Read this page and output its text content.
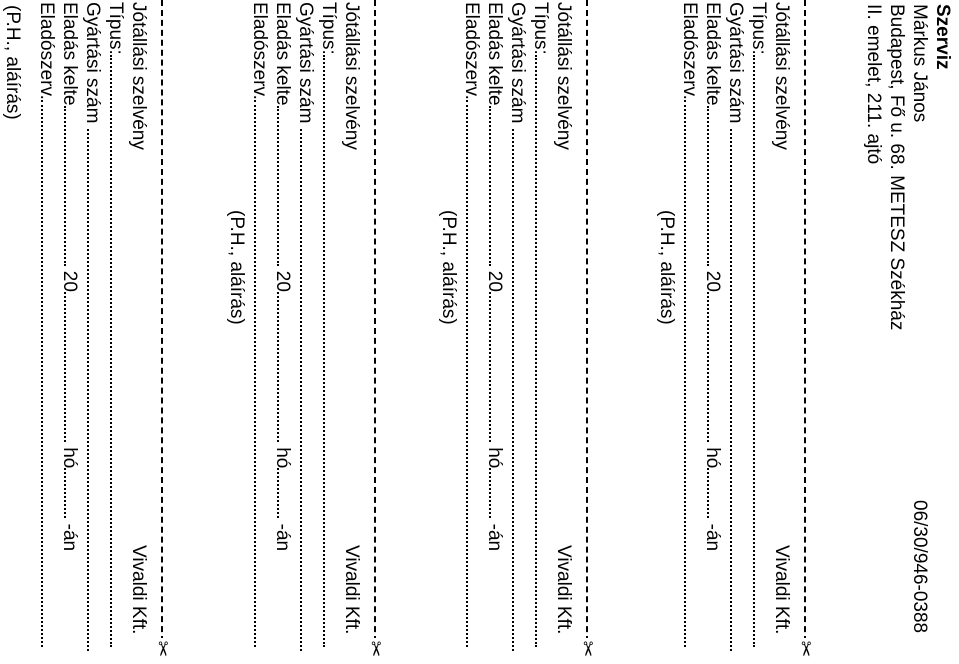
Szerviz
Márkus János
Budapest, Fő u. 68. METESZ Székház
II. emelet, 211. ajtó
06/30/946-0388
✂
Jótállási szelvény
Vivaldi Kft.
Típus:
Gyártási szám
Eladás kelte 20 hó -án
Eladószerv.
(P.H., aláírás)
✂
Jótállási szelvény
Vivaldi Kft.
Típus:
Gyártási szám
Eladás kelte 20 hó -án
Eladószerv.
(P.H., aláírás)
✂
Jótállási szelvény
Vivaldi Kft.
Típus:
Gyártási szám
Eladás kelte 20 hó -án
Eladószerv.
(P.H., aláírás)
✂
Jótállási szelvény
Vivaldi Kft.
Típus:
Gyártási szám
Eladás kelte 20 hó -án
Eladószerv.
(P.H., aláírás)
